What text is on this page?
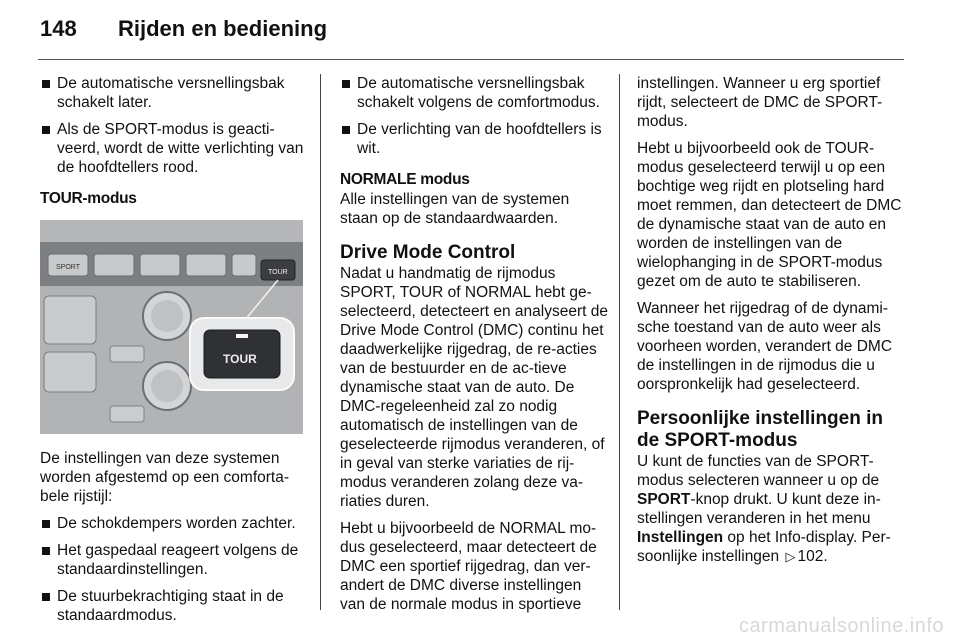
148 Rijden en bediening
De automatische versnellingsbak schakelt later.
Als de SPORT-modus is geacti-veerd, wordt de witte verlichting van de hoofdtellers rood.
TOUR-modus
SPORT
TOUR
TOUR

De instellingen van deze systemen worden afgestemd op een comforta-bele rijstijl:

De schokdempers worden zachter.
Het gaspedaal reageert volgens de standaardinstellingen.
De stuurbekrachtiging staat in de standaardmodus.
De automatische versnellingsbak schakelt volgens de comfortmodus.
De verlichting van de hoofdtellers is wit.
NORMALE modus

Alle instellingen van de systemen staan op de standaardwaarden.

Drive Mode Control

Nadat u handmatig de rijmodus SPORT, TOUR of NORMAL hebt ge-selecteerd, detecteert en analyseert de Drive Mode Control (DMC) continu het daadwerkelijke rijgedrag, de re-acties van de bestuurder en de ac-tieve dynamische staat van de auto. De DMC-regeleenheid zal zo nodig automatisch de instellingen van de geselecteerde rijmodus veranderen, of in geval van sterke variaties de rij-modus veranderen zolang deze va-riaties duren.

Hebt u bijvoorbeeld de NORMAL mo-dus geselecteerd, maar detecteert de DMC een sportief rijgedrag, dan ver-andert de DMC diverse instellingen van de normale modus in sportieve

instellingen. Wanneer u erg sportief rijdt, selecteert de DMC de SPORT-modus.

Hebt u bijvoorbeeld ook de TOUR-modus geselecteerd terwijl u op een bochtige weg rijdt en plotseling hard moet remmen, dan detecteert de DMC de dynamische staat van de auto en worden de instellingen van de wielophanging in de SPORT-modus gezet om de auto te stabiliseren.

Wanneer het rijgedrag of de dynami-sche toestand van de auto weer als voorheen worden, verandert de DMC de instellingen in de rijmodus die u oorspronkelijk had geselecteerd.

Persoonlijke instellingen in de SPORT-modus

U kunt de functies van de SPORT-modus selecteren wanneer u op de SPORT-knop drukt. U kunt deze in-stellingen veranderen in het menu Instellingen op het Info-display. Per-soonlijke instellingen ▷ 102.

carmanualsonline.info
